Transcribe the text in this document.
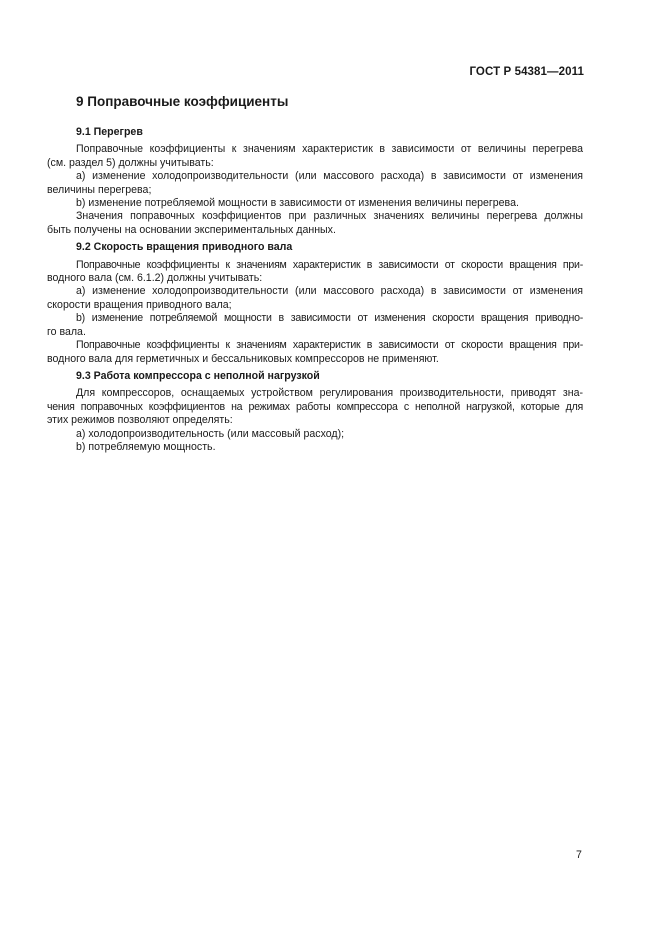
ГОСТ Р 54381—2011
9 Поправочные коэффициенты
9.1 Перегрев
Поправочные коэффициенты к значениям характеристик в зависимости от величины перегрева
(см. раздел 5) должны учитывать:
a) изменение холодопроизводительности (или массового расхода) в зависимости от изменения
величины перегрева;
b) изменение потребляемой мощности в зависимости от изменения величины перегрева.
Значения поправочных коэффициентов при различных значениях величины перегрева должны
быть получены на основании экспериментальных данных.
9.2 Скорость вращения приводного вала
Поправочные коэффициенты к значениям характеристик в зависимости от скорости вращения при-
водного вала (см. 6.1.2) должны учитывать:
a) изменение холодопроизводительности (или массового расхода) в зависимости от изменения
скорости вращения приводного вала;
b) изменение потребляемой мощности в зависимости от изменения скорости вращения приводно-
го вала.
Поправочные коэффициенты к значениям характеристик в зависимости от скорости вращения при-
водного вала для герметичных и бессальниковых компрессоров не применяют.
9.3 Работа компрессора с неполной нагрузкой
Для компрессоров, оснащаемых устройством регулирования производительности, приводят зна-
чения поправочных коэффициентов на режимах работы компрессора с неполной нагрузкой, которые для
этих режимов позволяют определять:
a) холодопроизводительность (или массовый расход);
b) потребляемую мощность.
7
